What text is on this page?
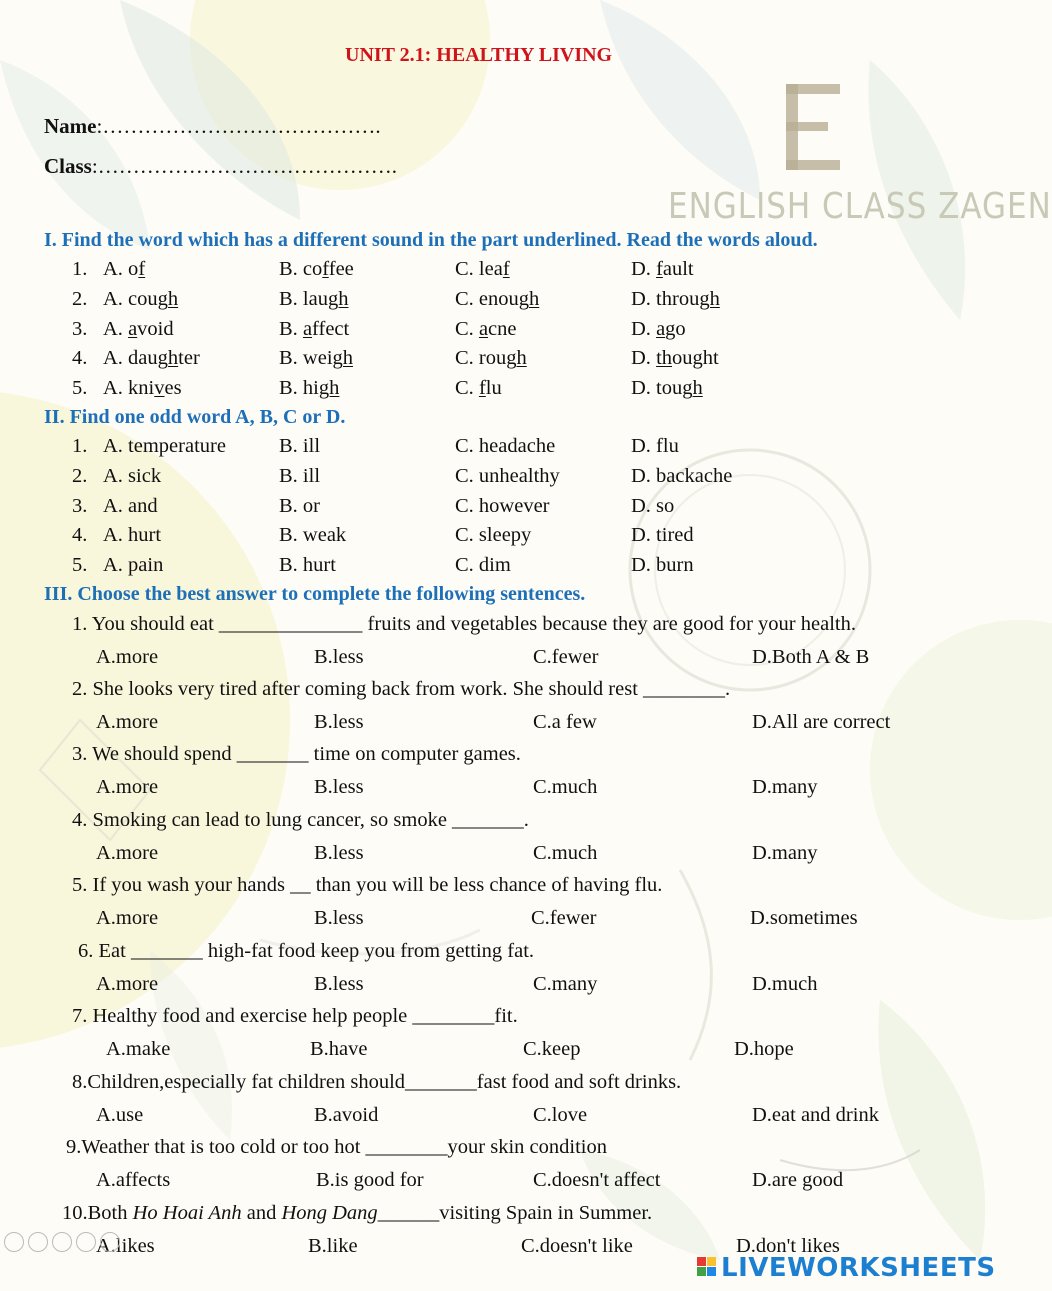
ENGLISH CLASS ZAGEN
UNIT 2.1: HEALTHY LIVING
Name:………………………………….
Class:…………………………………….
I. Find the word which has a different sound in the part underlined. Read the words aloud.
1. A. of	B. coffee	C. leaf	D. fault
2. A. cough	B. laugh	C. enough	D. through
3. A. avoid	B. affect	C. acne	D. ago
4. A. daughter	B. weigh	C. rough	D. thought
5. A. knives	B. high	C. flu	D. tough
II. Find one odd word A, B, C or D.
1. A. temperature	B. ill	C. headache	D. flu
2. A. sick	B. ill	C. unhealthy	D. backache
3. A. and	B. or	C. however	D. so
4. A. hurt	B. weak	C. sleepy	D. tired
5. A. pain	B. hurt	C. dim	D. burn
III. Choose the best answer to complete the following sentences.
1. You should eat ______________ fruits and vegetables because they are good for your health.
A.more	B.less	C.fewer	D.Both A & B
2. She looks very tired after coming back from work. She should rest ________.
A.more	B.less	C.a few	D.All are correct
3. We should spend _______ time on computer games.
A.more	B.less	C.much	D.many
4. Smoking can lead to lung cancer, so smoke _______.
A.more	B.less	C.much	D.many
5. If you wash your hands __ than you will be less chance of having flu.
A.more	B.less	C.fewer	D.sometimes
6. Eat _______ high-fat food keep you from getting fat.
A.more	B.less	C.many	D.much
7. Healthy food and exercise help people ________fit.
A.make	B.have	C.keep	D.hope
8.Children,especially fat children should_______fast food and soft drinks.
A.use	B.avoid	C.love	D.eat and drink
9.Weather that is too cold or too hot ________your skin condition
A.affects	B.is good for	C.doesn't affect	D.are good
10.Both Ho Hoai Anh and Hong Dang______visiting Spain in Summer.
A.likes	B.like	C.doesn't like	D.don't likes
LIVEWORKSHEETS
